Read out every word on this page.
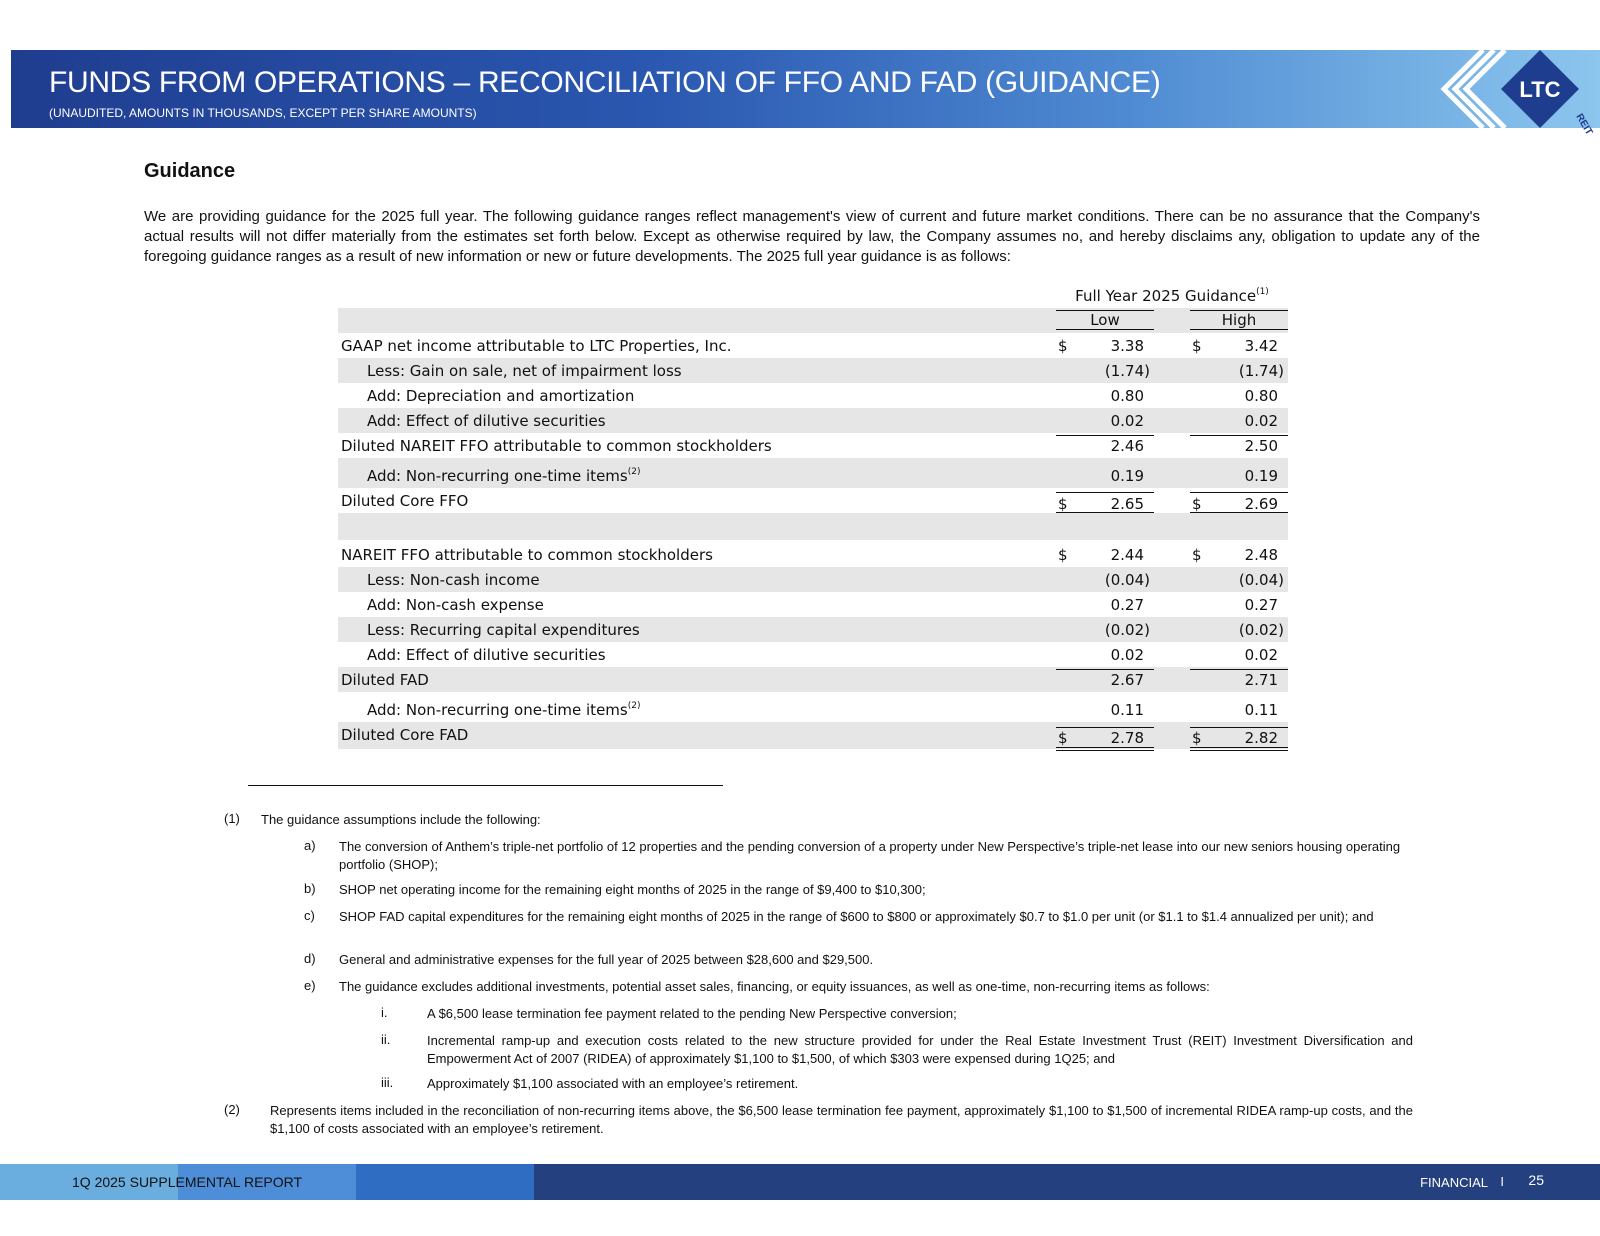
FUNDS FROM OPERATIONS – RECONCILIATION OF FFO AND FAD (GUIDANCE)
(UNAUDITED, AMOUNTS IN THOUSANDS, EXCEPT PER SHARE AMOUNTS)
LTC
REIT
Guidance
We are providing guidance for the 2025 full year. The following guidance ranges reflect management's view of current and future market conditions. There can be no assurance that the Company's actual results will not differ materially from the estimates set forth below. Except as otherwise required by law, the Company assumes no, and hereby disclaims any, obligation to update any of the foregoing guidance ranges as a result of new information or new or future developments. The 2025 full year guidance is as follows:
Full Year 2025 Guidance$^{(1)}$
Low	High
GAAP net income attributable to LTC Properties, Inc.	$	3.38	$	3.42
Less: Gain on sale, net of impairment loss	(1.74)	(1.74)
Add: Depreciation and amortization	0.80	0.80
Add: Effect of dilutive securities	0.02	0.02
Diluted NAREIT FFO attributable to common stockholders	2.46	2.50
Add: Non-recurring one-time items$^{(2)}$	0.19	0.19
Diluted Core FFO	$	2.65	$	2.69
NAREIT FFO attributable to common stockholders	$	2.44	$	2.48
Less: Non-cash income	(0.04)	(0.04)
Add: Non-cash expense	0.27	0.27
Less: Recurring capital expenditures	(0.02)	(0.02)
Add: Effect of dilutive securities	0.02	0.02
Diluted FAD	2.67	2.71
Add: Non-recurring one-time items$^{(2)}$	0.11	0.11
Diluted Core FAD	$	2.78	$	2.82
(1) The guidance assumptions include the following:
a) The conversion of Anthem’s triple-net portfolio of 12 properties and the pending conversion of a property under New Perspective’s triple-net lease into our new seniors housing operating portfolio (SHOP);
b) SHOP net operating income for the remaining eight months of 2025 in the range of $9,400 to $10,300;
c) SHOP FAD capital expenditures for the remaining eight months of 2025 in the range of $600 to $800 or approximately $0.7 to $1.0 per unit (or $1.1 to $1.4 annualized per unit); and
d) General and administrative expenses for the full year of 2025 between $28,600 and $29,500.
e) The guidance excludes additional investments, potential asset sales, financing, or equity issuances, as well as one-time, non-recurring items as follows:
i.	A $6,500 lease termination fee payment related to the pending New Perspective conversion;
ii.	Incremental ramp-up and execution costs related to the new structure provided for under the Real Estate Investment Trust (REIT) Investment Diversification and Empowerment Act of 2007 (RIDEA) of approximately $1,100 to $1,500, of which $303 were expensed during 1Q25; and
iii.	Approximately $1,100 associated with an employee’s retirement.
(2) Represents items included in the reconciliation of non-recurring items above, the $6,500 lease termination fee payment, approximately $1,100 to $1,500 of incremental RIDEA ramp-up costs, and the $1,100 of costs associated with an employee’s retirement.
1Q 2025 SUPPLEMENTAL REPORT	FINANCIAL I 25
